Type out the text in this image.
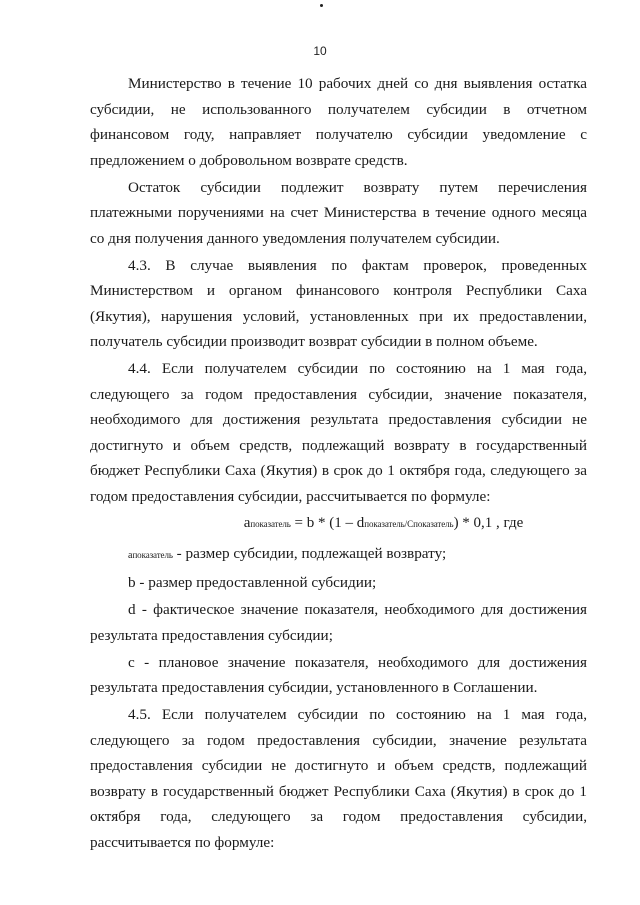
10

Министерство в течение 10 рабочих дней со дня выявления остатка субсидии, не использованного получателем субсидии в отчетном финансовом году, направляет получателю субсидии уведомление с предложением о добровольном возврате средств.

Остаток субсидии подлежит возврату путем перечисления платежными поручениями на счет Министерства в течение одного месяца со дня получения данного уведомления получателем субсидии.

4.3. В случае выявления по фактам проверок, проведенных Министерством и органом финансового контроля Республики Саха (Якутия), нарушения условий, установленных при их предоставлении, получатель субсидии производит возврат субсидии в полном объеме.

4.4. Если получателем субсидии по состоянию на 1 мая года, следующего за годом предоставления субсидии, значение показателя, необходимого для достижения результата предоставления субсидии не достигнуто и объем средств, подлежащий возврату в государственный бюджет Республики Саха (Якутия) в срок до 1 октября года, следующего за годом предоставления субсидии, рассчитывается по формуле:

aпоказатель = b * (1 – dпоказатель/Cпоказатель) * 0,1 , где

aпоказатель - размер субсидии, подлежащей возврату;

b - размер предоставленной субсидии;

d - фактическое значение показателя, необходимого для достижения результата предоставления субсидии;

c - плановое значение показателя, необходимого для достижения результата предоставления субсидии, установленного в Соглашении.

4.5. Если получателем субсидии по состоянию на 1 мая года, следующего за годом предоставления субсидии, значение результата предоставления субсидии не достигнуто и объем средств, подлежащий возврату в государственный бюджет Республики Саха (Якутия) в срок до 1 октября года, следующего за годом предоставления субсидии, рассчитывается по формуле:
